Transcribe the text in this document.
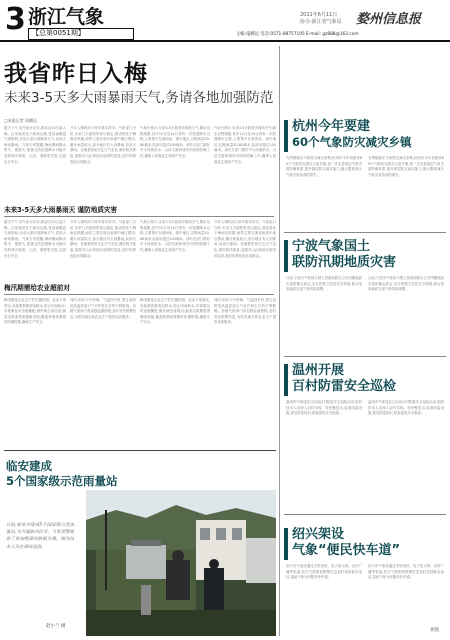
3 浙江气象
【总第0051期】
2011年6月11日
协办:浙江省气象局 婺州信息报
主编:竜腾远 电话:0571-88757195 E-mail: gz888@163.com
我省昨日入梅
未来3-5天多大雨暴雨天气,务请各地加强防范
□本报记者 周腾远
据天下午,省气象台宣布,我省自10日起入梅。目前我省处于副高边缘,受西南暖湿气流影响,全省大部出现降雨天气,局部大雨到暴雨。气象专家提醒,梅雨期间降水集中、强度大,需重点防范强降水可能引发的城乡积涝、山洪、滑坡等灾害,注意出行安全。
今年入梅时间与常年基本持平。气象部门分析,未来几天副热带高压稳定,我省将处于梅雨活跃期,雨带主要在浙北和浙中地区摆动,累计雨量较大,部分地区有大到暴雨,局部大暴雨。各地要密切关注天气变化,做好防汛准备,加强对山区和低洼地带的巡查,及时转移危险区域群众。
气象台预计,未来3-5天我省多阴雨天气,降水过程频繁,其中12日至14日将有一次较强降水过程,主要集中在浙西北、浙中地区,过程雨量50-80毫米,局部可超过100毫米。请有关部门做好中小河流洪水、山洪灾害和城市内涝的防御工作,确保人民群众生命财产安全。
气象台预计,未来3-5天我省多阴雨天气,降水过程频繁,其中12日至14日将有一次较强降水过程,主要集中在浙西北、浙中地区,过程雨量50-80毫米,局部可超过100毫米。请有关部门做好中小河流洪水、山洪灾害和城市内涝的防御工作,确保人民群众生命财产安全。
未来3-5天多大雨暴雨天 谨防地质灾害
据天下午,省气象台宣布,我省自10日起入梅。目前我省处于副高边缘,受西南暖湿气流影响,全省大部出现降雨天气,局部大雨到暴雨。气象专家提醒,梅雨期间降水集中、强度大,需重点防范强降水可能引发的城乡积涝、山洪、滑坡等灾害,注意出行安全。
今年入梅时间与常年基本持平。气象部门分析,未来几天副热带高压稳定,我省将处于梅雨活跃期,雨带主要在浙北和浙中地区摆动,累计雨量较大,部分地区有大到暴雨,局部大暴雨。各地要密切关注天气变化,做好防汛准备,加强对山区和低洼地带的巡查,及时转移危险区域群众。
气象台预计,未来3-5天我省多阴雨天气,降水过程频繁,其中12日至14日将有一次较强降水过程,主要集中在浙西北、浙中地区,过程雨量50-80毫米,局部可超过100毫米。请有关部门做好中小河流洪水、山洪灾害和城市内涝的防御工作,确保人民群众生命财产安全。
今年入梅时间与常年基本持平。气象部门分析,未来几天副热带高压稳定,我省将处于梅雨活跃期,雨带主要在浙北和浙中地区摆动,累计雨量较大,部分地区有大到暴雨,局部大暴雨。各地要密切关注天气变化,做好防汛准备,加强对山区和低洼地带的巡查,及时转移危险区域群众。
梅汛期需给农业超前对
梅汛期是农业生产的关键时期。农业专家建议,各地要抓紧清沟排水,防止田间积水;早稻要及时追施穗肥,做好病虫害防治;蔬菜瓜果要搭建避雨设施;畜禽养殖场要做好防潮防霉,确保生产安全。
同时,雨后天气转晴、气温回升时,要注意防范高温高湿天气对作物生长的不利影响。各级气象部门将加强监测预报,及时发布预警信息,为防汛减灾和农业生产提供优质服务。
梅汛期是农业生产的关键时期。农业专家建议,各地要抓紧清沟排水,防止田间积水;早稻要及时追施穗肥,做好病虫害防治;蔬菜瓜果要搭建避雨设施;畜禽养殖场要做好防潮防霉,确保生产安全。
同时,雨后天气转晴、气温回升时,要注意防范高温高湿天气对作物生长的不利影响。各级气象部门将加强监测预报,及时发布预警信息,为防汛减灾和农业生产提供优质服务。
临安建成
5个国家级示范雨量站
日前,临安市建成5个国家级示范雨量站,为当地防汛抗旱、气象预警提供了更加精准的数据支撑。图为技术人员在调试设备。
赵小兰 摄
杭州今年要建
60个气象防灾减灾乡镇
为贯彻落实气象防灾减灾条例,杭州市今年将建设60个气象防灾减灾示范乡镇,进一步完善基层气象灾害防御体系,提升基层防灾减灾能力,最大限度减少气象灾害造成的损失。
为贯彻落实气象防灾减灾条例,杭州市今年将建设60个气象防灾减灾示范乡镇,进一步完善基层气象灾害防御体系,提升基层防灾减灾能力,最大限度减少气象灾害造成的损失。
宁波气象国土
联防汛期地质灾害
日前,宁波市气象局与国土资源局联合召开汛期地质灾害防御会商会,双方将建立信息共享机制,联合发布地质灾害气象风险预警。
日前,宁波市气象局与国土资源局联合召开汛期地质灾害防御会商会,双方将建立信息共享机制,联合发布地质灾害气象风险预警。
温州开展
百村防雷安全巡检
温州市气象局近日启动百村防雷安全巡检活动,组织技术人员深入农村学校、村民聚居点,检查防雷设施,普及防雷知识,排查雷电安全隐患。
温州市气象局近日启动百村防雷安全巡检活动,组织技术人员深入农村学校、村民聚居点,检查防雷设施,普及防雷知识,排查雷电安全隐患。
绍兴架设
气象“便民快车道”
绍兴市气象局通过手机短信、电子显示屏、农村广播等渠道,将天气预报和预警信息及时送到群众身边,架起气象为民服务快车道。
绍兴市气象局通过手机短信、电子显示屏、农村广播等渠道,将天气预报和预警信息及时送到群众身边,架起气象为民服务快车道。
孙凯
